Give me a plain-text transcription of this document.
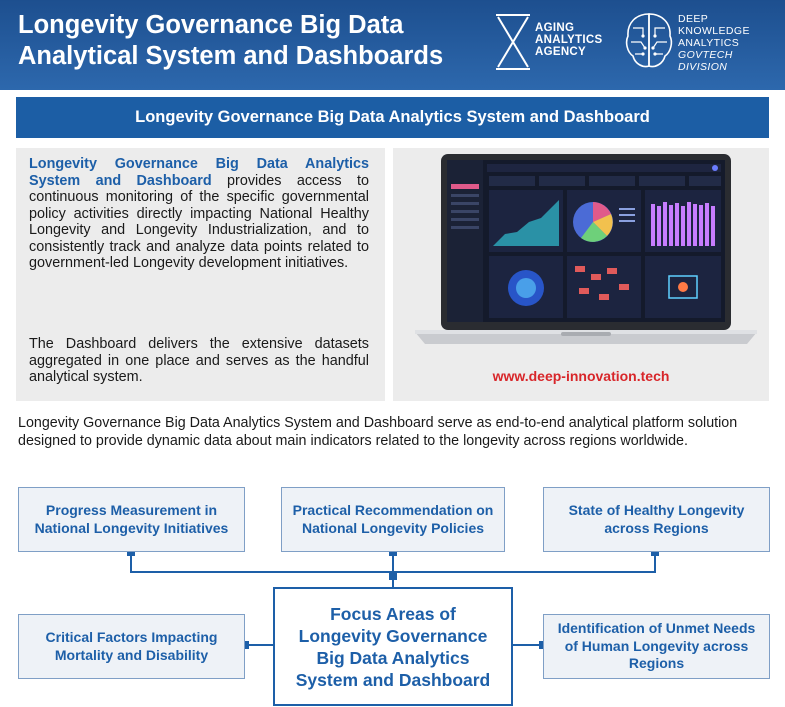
Longevity Governance Big Data Analytical System and Dashboards
AGING
ANALYTICS
AGENCY
DEEP
KNOWLEDGE
ANALYTICS
GOVTECH DIVISION
Longevity Governance Big Data Analytics System and Dashboard

Longevity Governance Big Data Analytics System and Dashboard provides access to continuous monitoring of the specific governmental policy activities directly impacting National Healthy Longevity and Longevity Industrialization, and to consistently track and analyze data points related to government-led Longevity development initiatives.

The Dashboard delivers the extensive datasets aggregated in one place and serves as the handful analytical system.	www.deep-innovation.tech

Longevity Governance Big Data Analytics System and Dashboard serve as end-to-end analytical platform solution designed to provide dynamic data about main indicators related to the longevity across regions worldwide.

Progress Measurement in National Longevity Initiatives
Practical Recommendation on National Longevity Policies
State of Healthy Longevity across Regions
Critical Factors Impacting Mortality and Disability
Identification of Unmet Needs of Human Longevity across Regions
Focus Areas of Longevity Governance Big Data Analytics System and Dashboard
